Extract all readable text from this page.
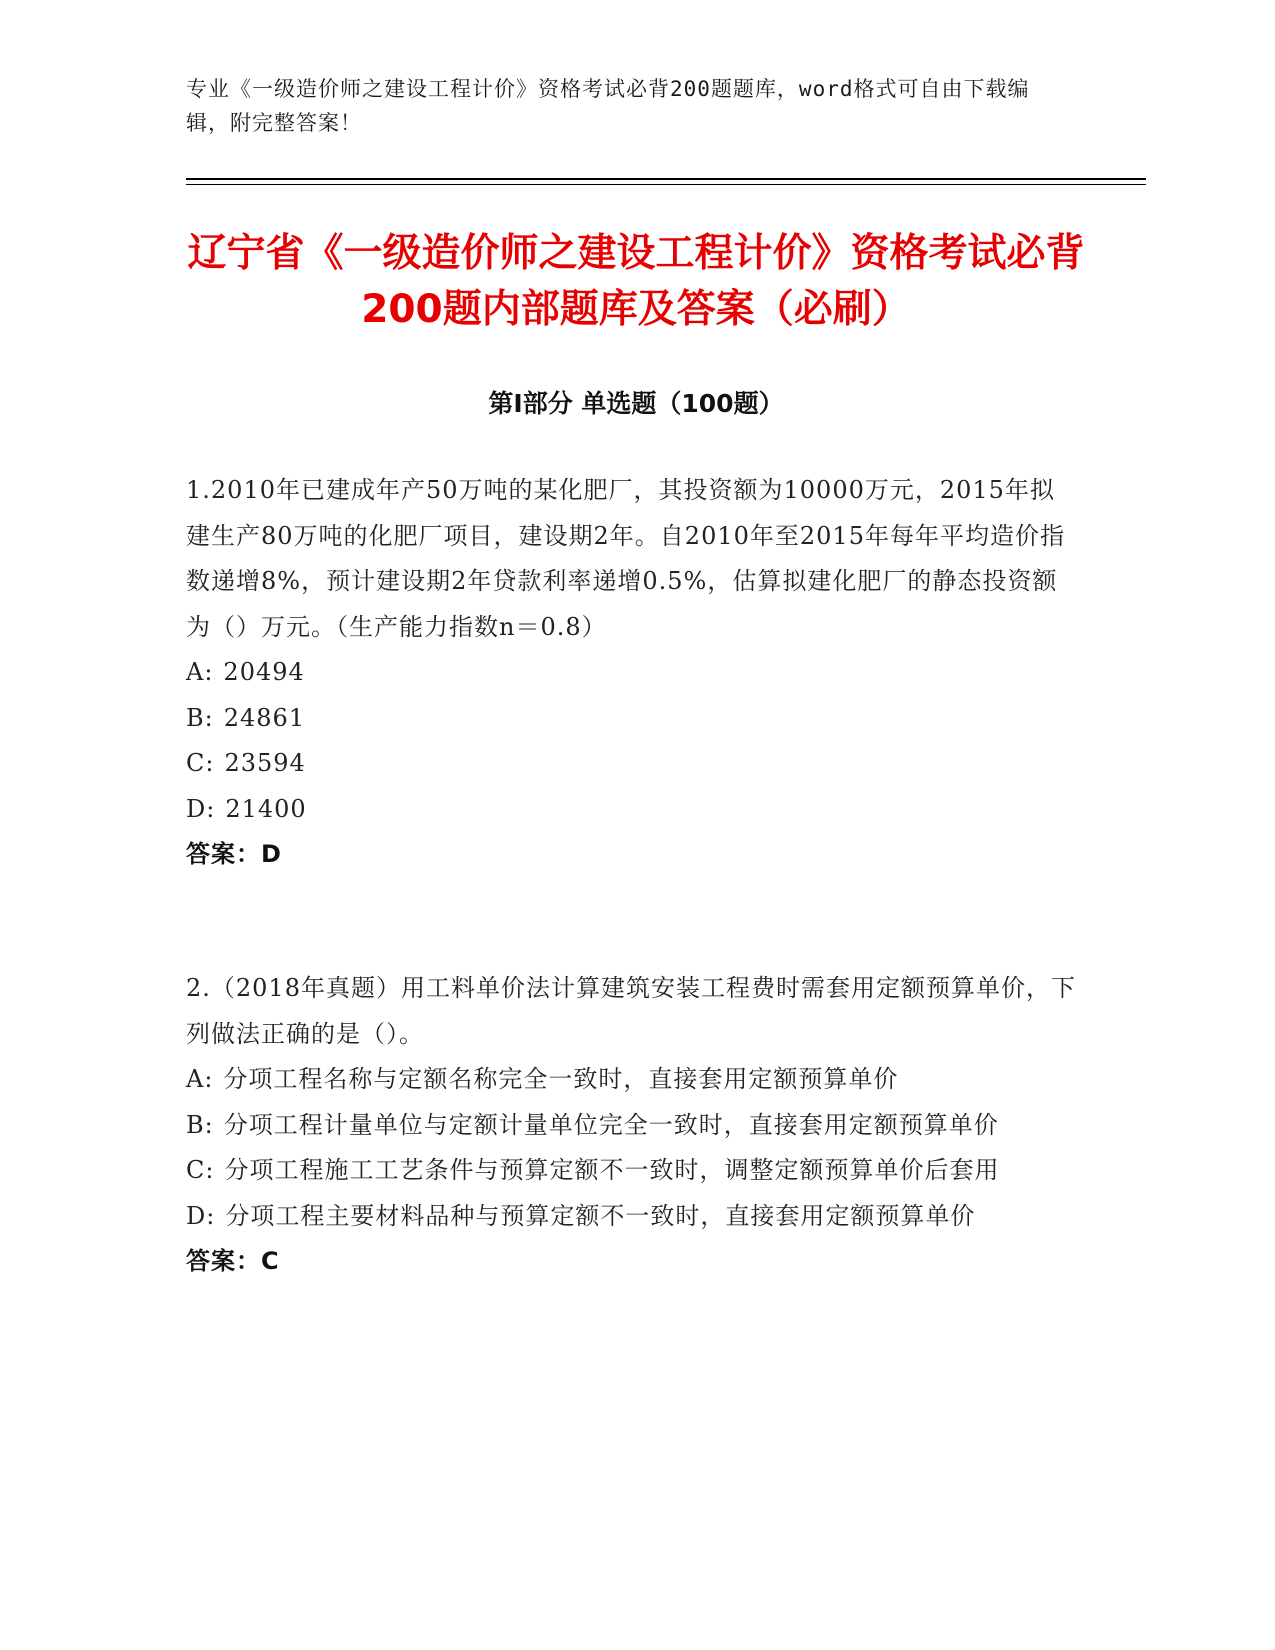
专业《一级造价师之建设工程计价》资格考试必背200题题库，word格式可自由下载编辑，附完整答案！
辽宁省《一级造价师之建设工程计价》资格考试必背200题内部题库及答案（必刷）
第Ⅰ部分 单选题（100题）

1.2010年已建成年产50万吨的某化肥厂，其投资额为10000万元，2015年拟建生产80万吨的化肥厂项目，建设期2年。自2010年至2015年每年平均造价指数递增8%，预计建设期2年贷款利率递增0.5%，估算拟建化肥厂的静态投资额为（）万元。（生产能力指数n＝0.8）

A: 20494

B: 24861

C: 23594

D: 21400

答案：D

2.（2018年真题）用工料单价法计算建筑安装工程费时需套用定额预算单价，下列做法正确的是（）。

A: 分项工程名称与定额名称完全一致时，直接套用定额预算单价

B: 分项工程计量单位与定额计量单位完全一致时，直接套用定额预算单价

C: 分项工程施工工艺条件与预算定额不一致时，调整定额预算单价后套用

D: 分项工程主要材料品种与预算定额不一致时，直接套用定额预算单价

答案：C
